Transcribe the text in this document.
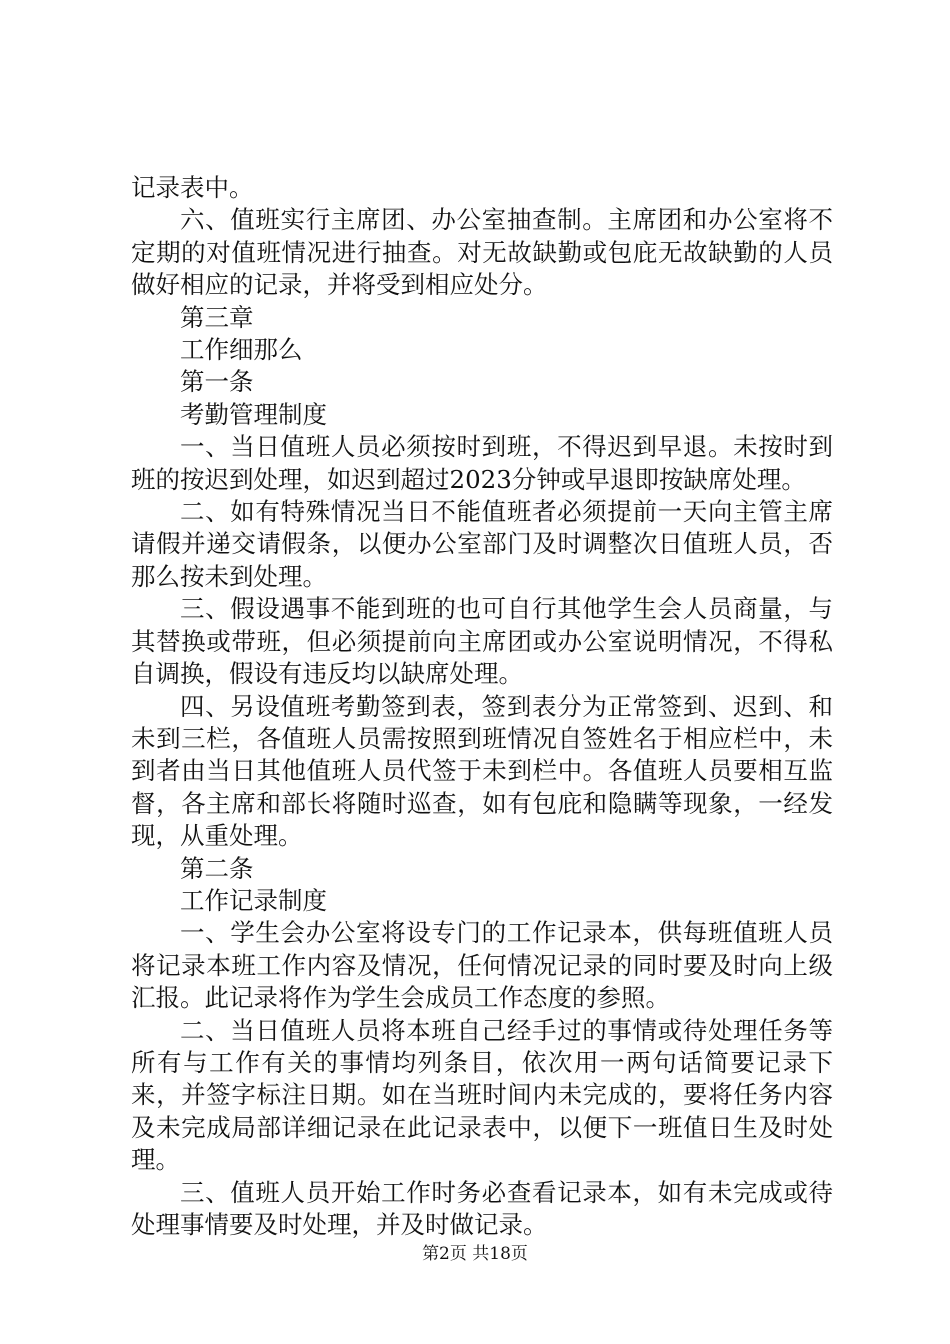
记录表中。

六、值班实行主席团、办公室抽查制。主席团和办公室将不定期的对值班情况进行抽查。对无故缺勤或包庇无故缺勤的人员做好相应的记录，并将受到相应处分。

第三章

工作细那么

第一条

考勤管理制度

一、当日值班人员必须按时到班，不得迟到早退。未按时到班的按迟到处理，如迟到超过2023分钟或早退即按缺席处理。

二、如有特殊情况当日不能值班者必须提前一天向主管主席请假并递交请假条，以便办公室部门及时调整次日值班人员，否那么按未到处理。

三、假设遇事不能到班的也可自行其他学生会人员商量，与其替换或带班，但必须提前向主席团或办公室说明情况，不得私自调换，假设有违反均以缺席处理。

四、另设值班考勤签到表，签到表分为正常签到、迟到、和未到三栏，各值班人员需按照到班情况自签姓名于相应栏中，未到者由当日其他值班人员代签于未到栏中。各值班人员要相互监督，各主席和部长将随时巡查，如有包庇和隐瞒等现象，一经发现，从重处理。

第二条

工作记录制度

一、学生会办公室将设专门的工作记录本，供每班值班人员将记录本班工作内容及情况，任何情况记录的同时要及时向上级汇报。此记录将作为学生会成员工作态度的参照。

二、当日值班人员将本班自己经手过的事情或待处理任务等所有与工作有关的事情均列条目，依次用一两句话简要记录下来，并签字标注日期。如在当班时间内未完成的，要将任务内容及未完成局部详细记录在此记录表中，以便下一班值日生及时处理。

三、值班人员开始工作时务必查看记录本，如有未完成或待处理事情要及时处理，并及时做记录。

第2页 共18页
